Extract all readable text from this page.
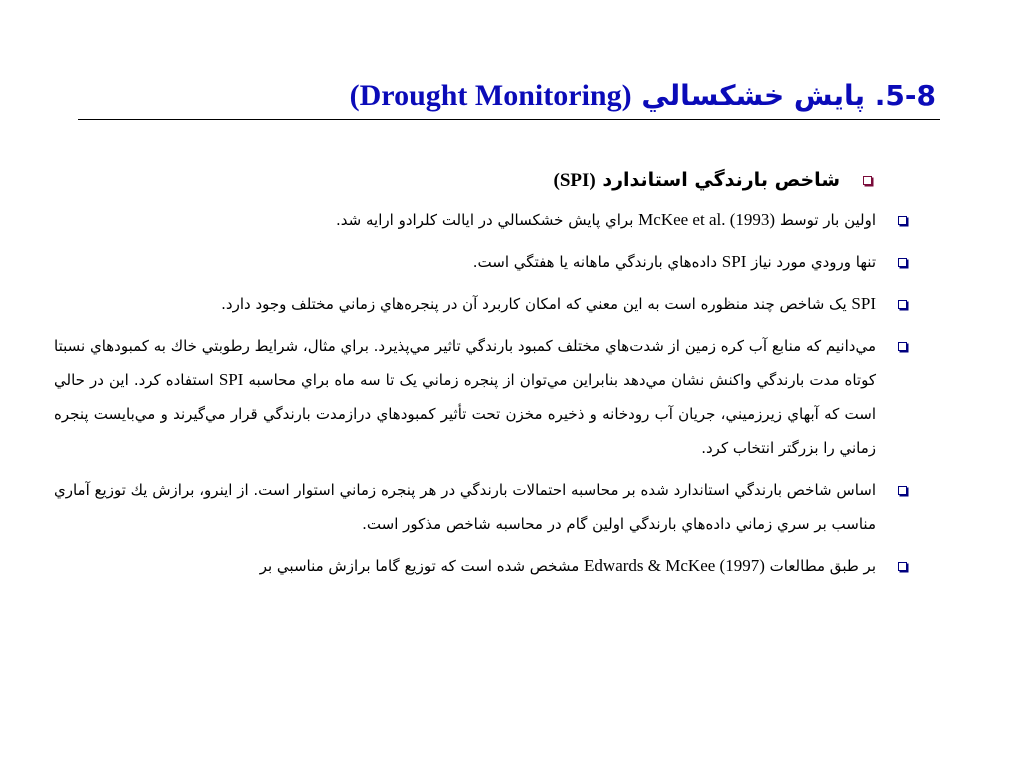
5-8. پایش خشکسالي (Drought Monitoring)
شاخص بارندگي استاندارد (SPI)
اولين بار توسط McKee et al. (1993) براي پايش خشکسالي در ايالت کلرادو ارايه شد.
تنها ورودي مورد نياز SPI داده‌هاي بارندگي ماهانه يا هفتگي است.
SPI یک شاخص چند منظوره است به اين معني که امکان کاربرد آن در پنجره‌هاي زماني مختلف وجود دارد.
مي‌دانيم که منابع آب کره زمين از شدت‌هاي مختلف کمبود بارندگي تاثير مي‌پذيرد. براي مثال، شرايط رطوبتي خاك به کمبودهاي نسبتا کوتاه مدت بارندگي واکنش نشان مي‌دهد بنابراين مي‌توان از پنجره زماني یک تا سه ماه براي محاسبه SPI استفاده کرد. اين در حالي است که آبهاي زيرزميني، جريان آب رودخانه و ذخيره مخزن تحت تأثير کمبودهاي درازمدت بارندگي قرار مي‌گيرند و مي‌بايست پنجره زماني را بزرگتر انتخاب کرد.
اساس شاخص بارندگي استاندارد شده بر محاسبه احتمالات بارندگي در هر پنجره زماني استوار است. از اينرو، برازش يك توزيع آماري مناسب بر سري زماني داده‌هاي بارندگي اولين گام در محاسبه شاخص مذکور است.
بر طبق مطالعات Edwards & McKee (1997) مشخص شده است که توزيع گاما برازش مناسبي بر
